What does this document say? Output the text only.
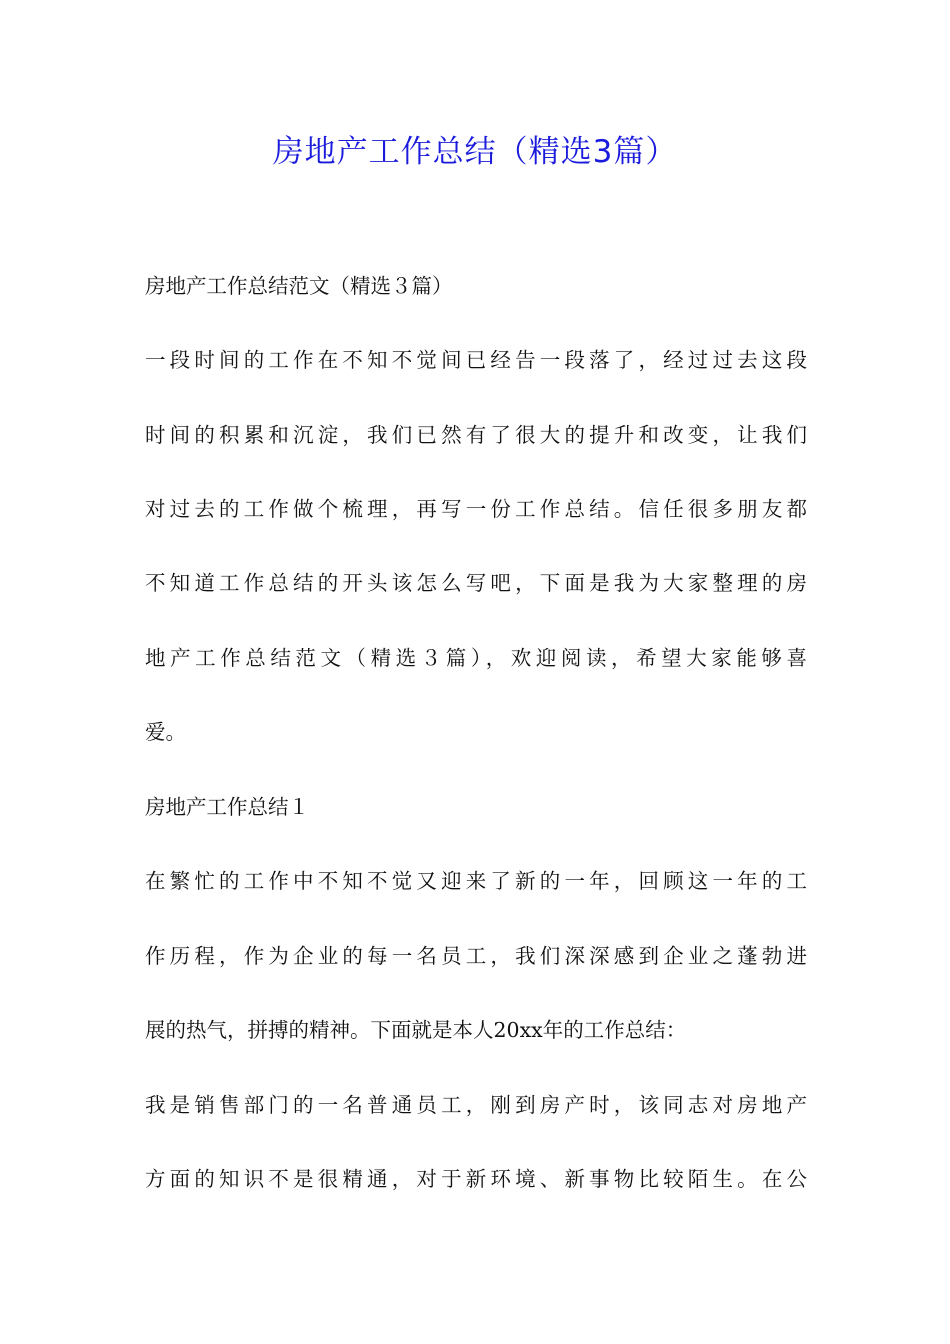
房地产工作总结（精选3篇）

房地产工作总结范文（精选３篇）

一段时间的工作在不知不觉间已经告一段落了，经过过去这段

时间的积累和沉淀，我们已然有了很大的提升和改变，让我们

对过去的工作做个梳理，再写一份工作总结。信任很多朋友都

不知道工作总结的开头该怎么写吧，下面是我为大家整理的房

地产工作总结范文（精选３篇），欢迎阅读，希望大家能够喜

爱。

房地产工作总结１

在繁忙的工作中不知不觉又迎来了新的一年，回顾这一年的工

作历程，作为企业的每一名员工，我们深深感到企业之蓬勃进

展的热气，拼搏的精神。下面就是本人20xx年的工作总结：

我是销售部门的一名普通员工，刚到房产时，该同志对房地产

方面的知识不是很精通，对于新环境、新事物比较陌生。在公
